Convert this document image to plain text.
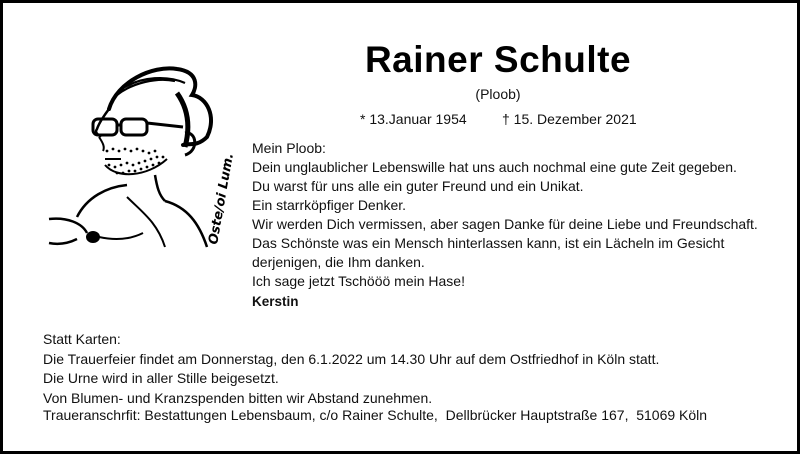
Oste/oi Lum.
Rainer Schulte
(Ploob)
* 13.Januar 1954	† 15. Dezember 2021
Mein Ploob:
Dein unglaublicher Lebenswille hat uns auch nochmal eine gute Zeit gegeben.
Du warst für uns alle ein guter Freund und ein Unikat.
Ein starrköpfiger Denker.
Wir werden Dich vermissen, aber sagen Danke für deine Liebe und Freundschaft.
Das Schönste was ein Mensch hinterlassen kann, ist ein Lächeln im Gesicht
derjenigen, die Ihm danken.
Ich sage jetzt Tschööö mein Hase!
Kerstin
Statt Karten:
Die Trauerfeier findet am Donnerstag, den 6.1.2022 um 14.30 Uhr auf dem Ostfriedhof in Köln statt.
Die Urne wird in aller Stille beigesetzt.
Von Blumen- und Kranzspenden bitten wir Abstand zunehmen.
Traueranschrfit: Bestattungen Lebensbaum, c/o Rainer Schulte,  Dellbrücker Hauptstraße 167,  51069 Köln
